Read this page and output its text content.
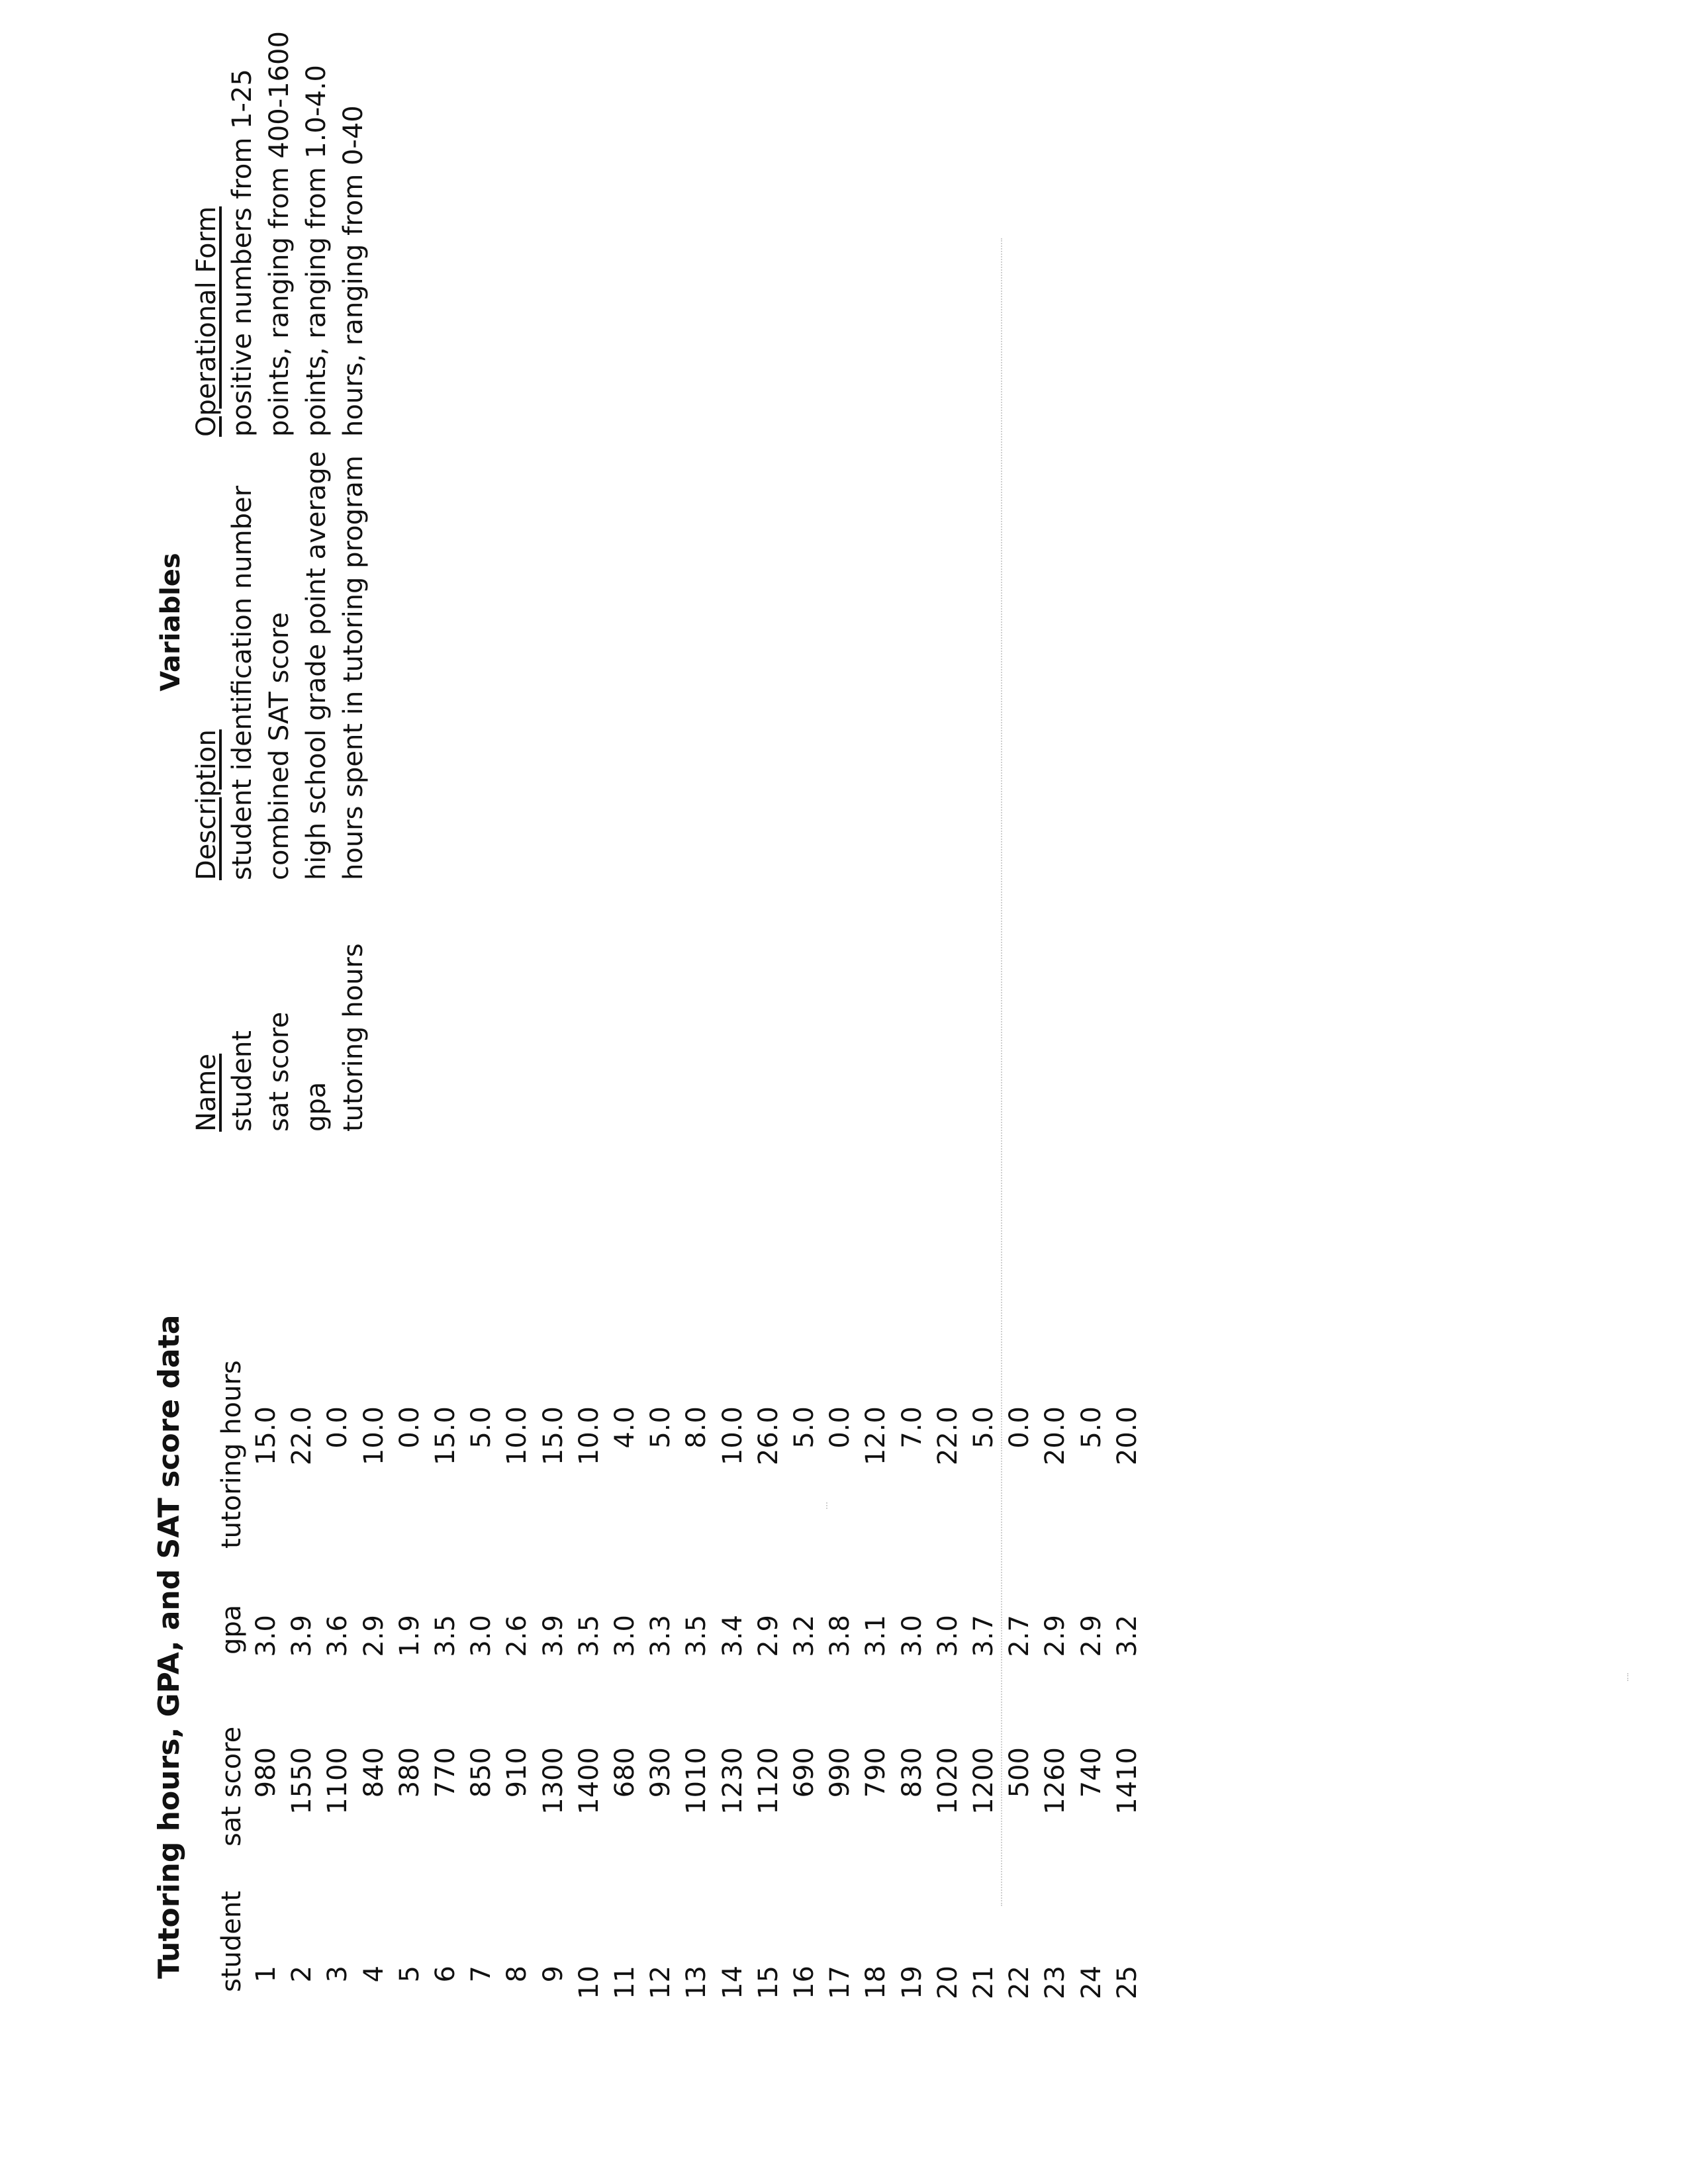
Tutoring hours, GPA, and SAT score data student
sat score
gpa
tutoring hours
1
980
3.0
15.0
2
1550
3.9
22.0
3
1100
3.6
0.0
4
840
2.9
10.0
5
380
1.9
0.0
6
770
3.5
15.0
7
850
3.0
5.0
8
910
2.6
10.0
9
1300
3.9
15.0
10
1400
3.5
10.0
11
680
3.0
4.0
12
930
3.3
5.0
13
1010
3.5
8.0
14
1230
3.4
10.0
15
1120
2.9
26.0
16
690
3.2
5.0
17
990
3.8
0.0
18
790
3.1
12.0
19
830
3.0
7.0
20
1020
3.0
22.0
21
1200
3.7
5.0
22
500
2.7
0.0
23
1260
2.9
20.0
24
740
2.9
5.0
25
1410
3.2
20.0
Variables
Name
Description
Operational Form
student
student identification number
positive numbers from 1-25
sat score
combined SAT score
points, ranging from 400-1600
gpa
high school grade point average
points, ranging from 1.0-4.0
tutoring hours
hours spent in tutoring program
hours, ranging from 0-40
